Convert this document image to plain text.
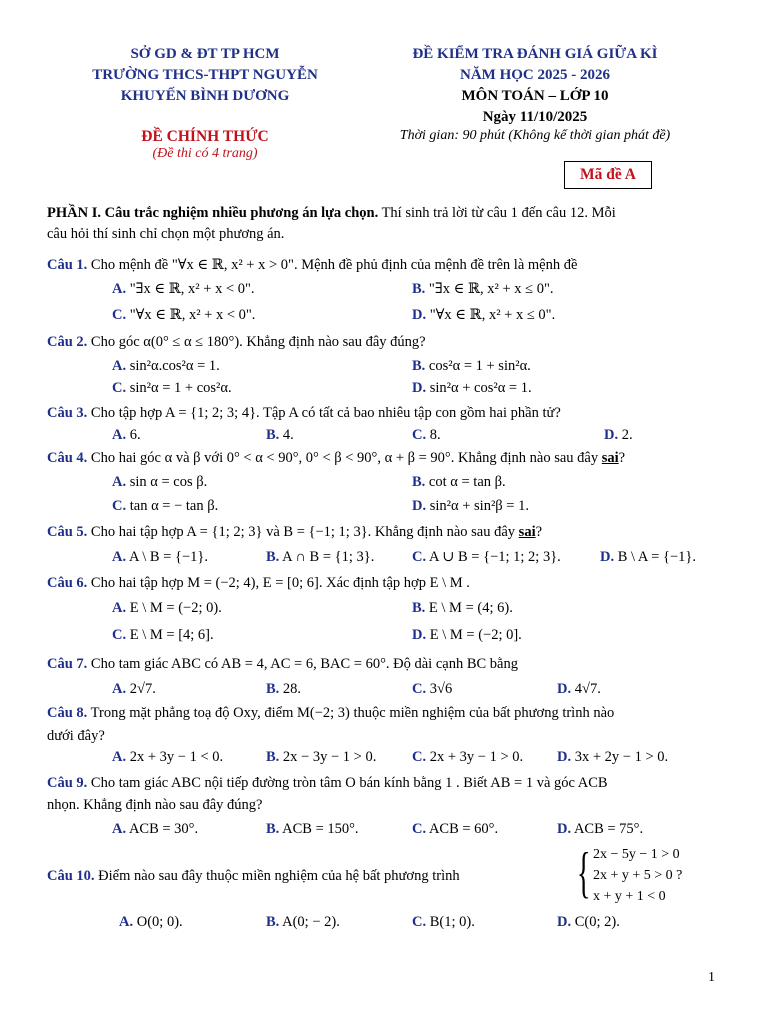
SỞ GD & ĐT TP HCM
TRƯỜNG THCS-THPT NGUYỄN
KHUYẾN BÌNH DƯƠNG
ĐỀ CHÍNH THỨC
(Đề thi có 4 trang)
ĐỀ KIỂM TRA ĐÁNH GIÁ GIỮA KÌ
NĂM HỌC 2025 - 2026
MÔN TOÁN – LỚP 10
Ngày 11/10/2025
Thời gian: 90 phút (Không kể thời gian phát đề)
Mã đề A
PHẦN I. Câu trắc nghiệm nhiều phương án lựa chọn. Thí sinh trả lời từ câu 1 đến câu 12. Mỗi
câu hỏi thí sinh chỉ chọn một phương án.
Câu 1. Cho mệnh đề "∀x ∈ ℝ, x² + x > 0". Mệnh đề phủ định của mệnh đề trên là mệnh đề
A. "∃x ∈ ℝ, x² + x < 0".	B. "∃x ∈ ℝ, x² + x ≤ 0".
C. "∀x ∈ ℝ, x² + x < 0".	D. "∀x ∈ ℝ, x² + x ≤ 0".
Câu 2. Cho góc α(0° ≤ α ≤ 180°). Khẳng định nào sau đây đúng?
A. sin²α.cos²α = 1.	B. cos²α = 1 + sin²α.
C. sin²α = 1 + cos²α.	D. sin²α + cos²α = 1.
Câu 3. Cho tập hợp A = {1; 2; 3; 4}. Tập A có tất cả bao nhiêu tập con gồm hai phần tử?
A. 6.	B. 4.	C. 8.	D. 2.
Câu 4. Cho hai góc α và β với 0° < α < 90°, 0° < β < 90°, α + β = 90°. Khẳng định nào sau đây sai?
A. sin α = cos β.	B. cot α = tan β.
C. tan α = − tan β.	D. sin²α + sin²β = 1.
Câu 5. Cho hai tập hợp A = {1; 2; 3} và B = {−1; 1; 3}. Khẳng định nào sau đây sai?
A. A \ B = {−1}.	B. A ∩ B = {1; 3}.	C. A ∪ B = {−1; 1; 2; 3}.	D. B \ A = {−1}.
Câu 6. Cho hai tập hợp M = (−2; 4), E = [0; 6]. Xác định tập hợp E \ M .
A. E \ M = (−2; 0).	B. E \ M = (4; 6).
C. E \ M = [4; 6].	D. E \ M = (−2; 0].
Câu 7. Cho tam giác ABC có AB = 4, AC = 6, BAC = 60°. Độ dài cạnh BC bằng
A. 2√7.	B. 28.	C. 3√6	D. 4√7.
Câu 8. Trong mặt phẳng toạ độ Oxy, điểm M(−2; 3) thuộc miền nghiệm của bất phương trình nào
dưới đây?
A. 2x + 3y − 1 < 0.	B. 2x − 3y − 1 > 0. C. 2x + 3y − 1 > 0. D. 3x + 2y − 1 > 0.
Câu 9. Cho tam giác ABC nội tiếp đường tròn tâm O bán kính bằng 1 . Biết AB = 1 và góc ACB
nhọn. Khẳng định nào sau đây đúng?
A. ACB = 30°.	B. ACB = 150°.	C. ACB = 60°.	D. ACB = 75°.
Câu 10. Điểm nào sau đây thuộc miền nghiệm của hệ bất phương trình { 2x − 5y − 1 > 0
2x + y + 5 > 0 ?
x + y + 1 < 0
A. O(0; 0).	B. A(0; − 2).	C. B(1; 0).	D. C(0; 2).
1
